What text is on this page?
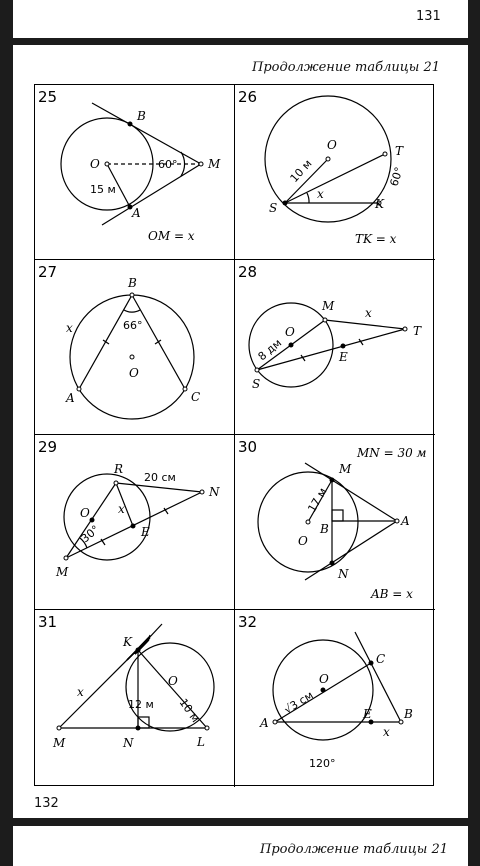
131
Продолжение таблицы 21
25
B
O	M
A
60°
15 м
OM = x
26
O	T
S	K
x
10 м	60°
TK = x
27
B
A	C
O
x	66°
28
M
O
S
E
T
x
8 дм
29
R
O
M
E
N
x
30°
20 см
30	MN = 30 м
M
B
O
N
A
17 м
AB = x
31
K
O
M	N	L
x
12 м 10 м
32
C
O
A
E	B
x
√3 см
120°
132
Продолжение таблицы 21
